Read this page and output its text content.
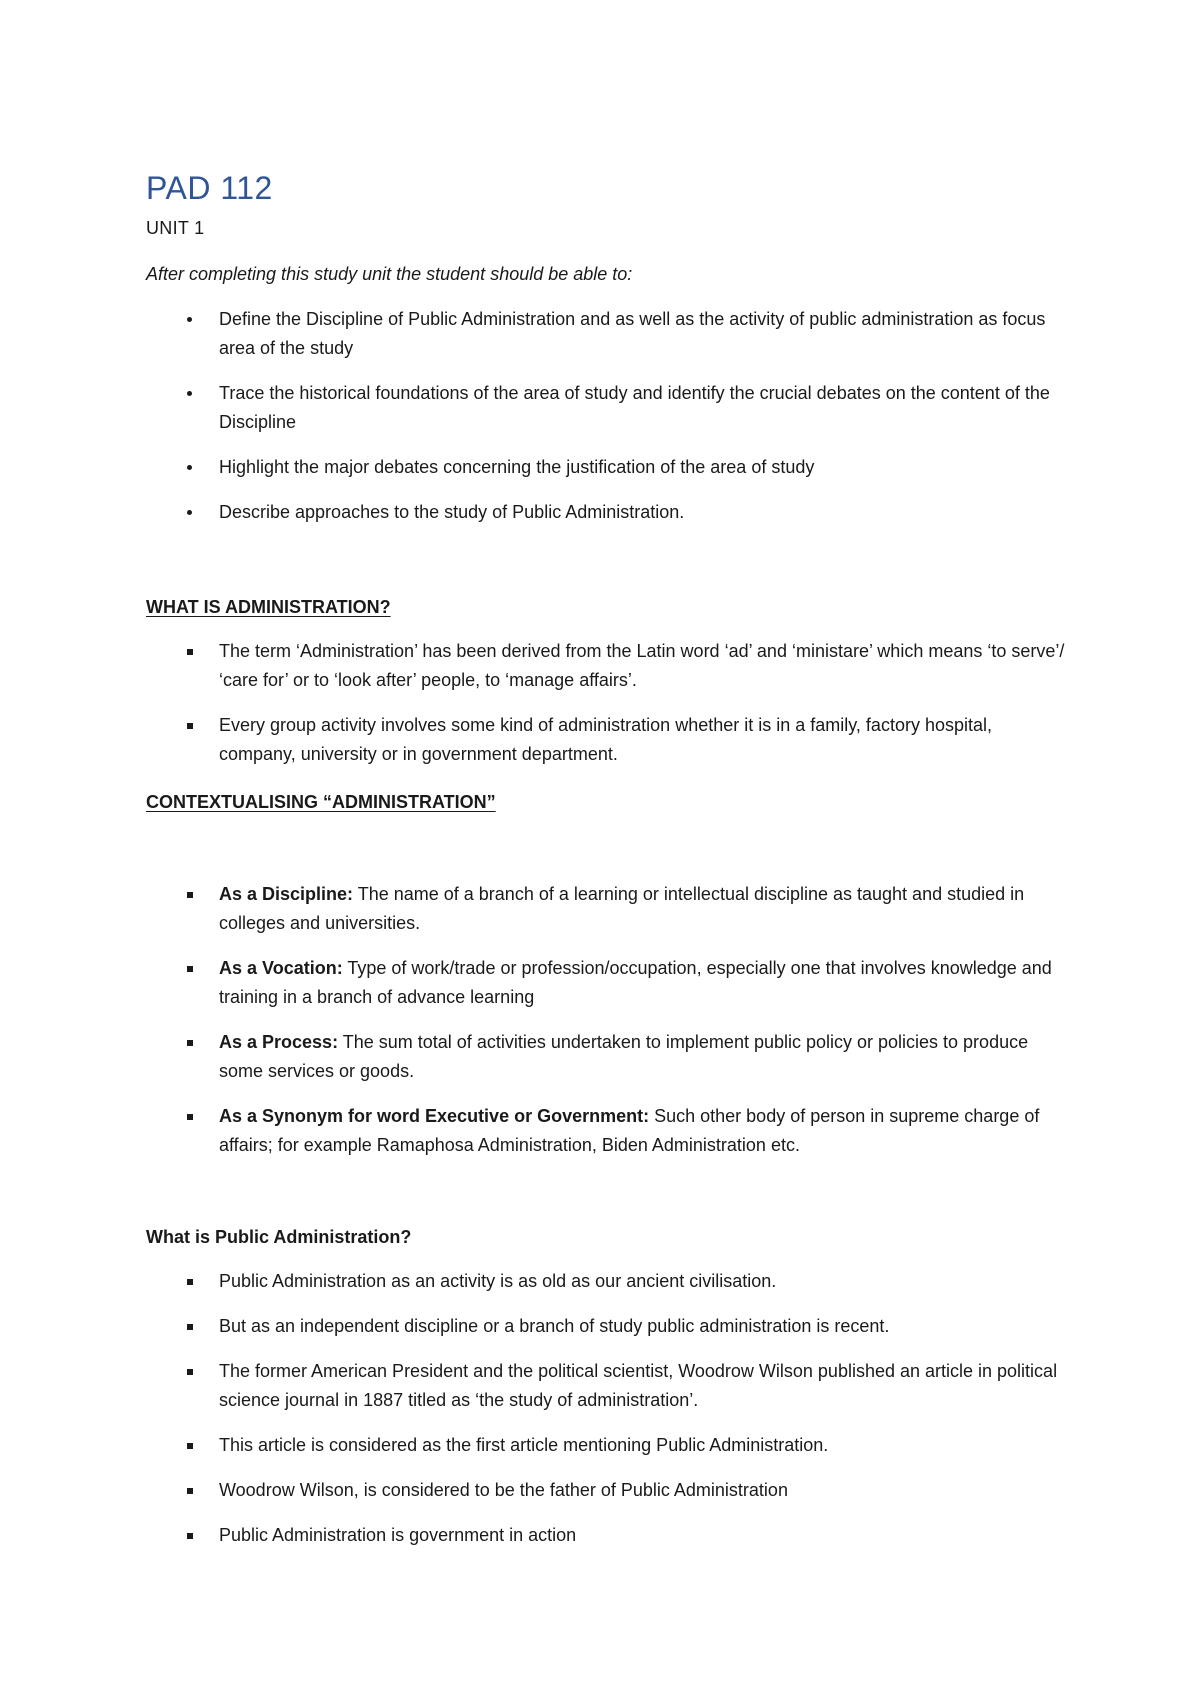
PAD 112
UNIT 1
After completing this study unit the student should be able to:
Define the Discipline of Public Administration and as well as the activity of public administration as focus area of the study
Trace the historical foundations of the area of study and identify the crucial debates on the content of the Discipline
Highlight the major debates concerning the justification of the area of study
Describe approaches to the study of Public Administration.
WHAT IS ADMINISTRATION?
The term ‘Administration’ has been derived from the Latin word ‘ad’ and ‘ministare’ which means ‘to serve’/ ‘care for’ or to ‘look after’ people, to ‘manage affairs’.
Every group activity involves some kind of administration whether it is in a family, factory hospital, company, university or in government department.
CONTEXTUALISING “ADMINISTRATION”
As a Discipline: The name of a branch of a learning or intellectual discipline as taught and studied in colleges and universities.
As a Vocation: Type of work/trade or profession/occupation, especially one that involves knowledge and training in a branch of advance learning
As a Process: The sum total of activities undertaken to implement public policy or policies to produce some services or goods.
As a Synonym for word Executive or Government: Such other body of person in supreme charge of affairs; for example Ramaphosa Administration, Biden Administration etc.
What is Public Administration?
Public Administration as an activity is as old as our ancient civilisation.
But as an independent discipline or a branch of study public administration is recent.
The former American President and the political scientist, Woodrow Wilson published an article in political science journal in 1887 titled as ‘the study of administration’.
This article is considered as the first article mentioning Public Administration.
Woodrow Wilson, is considered to be the father of Public Administration
Public Administration is government in action
